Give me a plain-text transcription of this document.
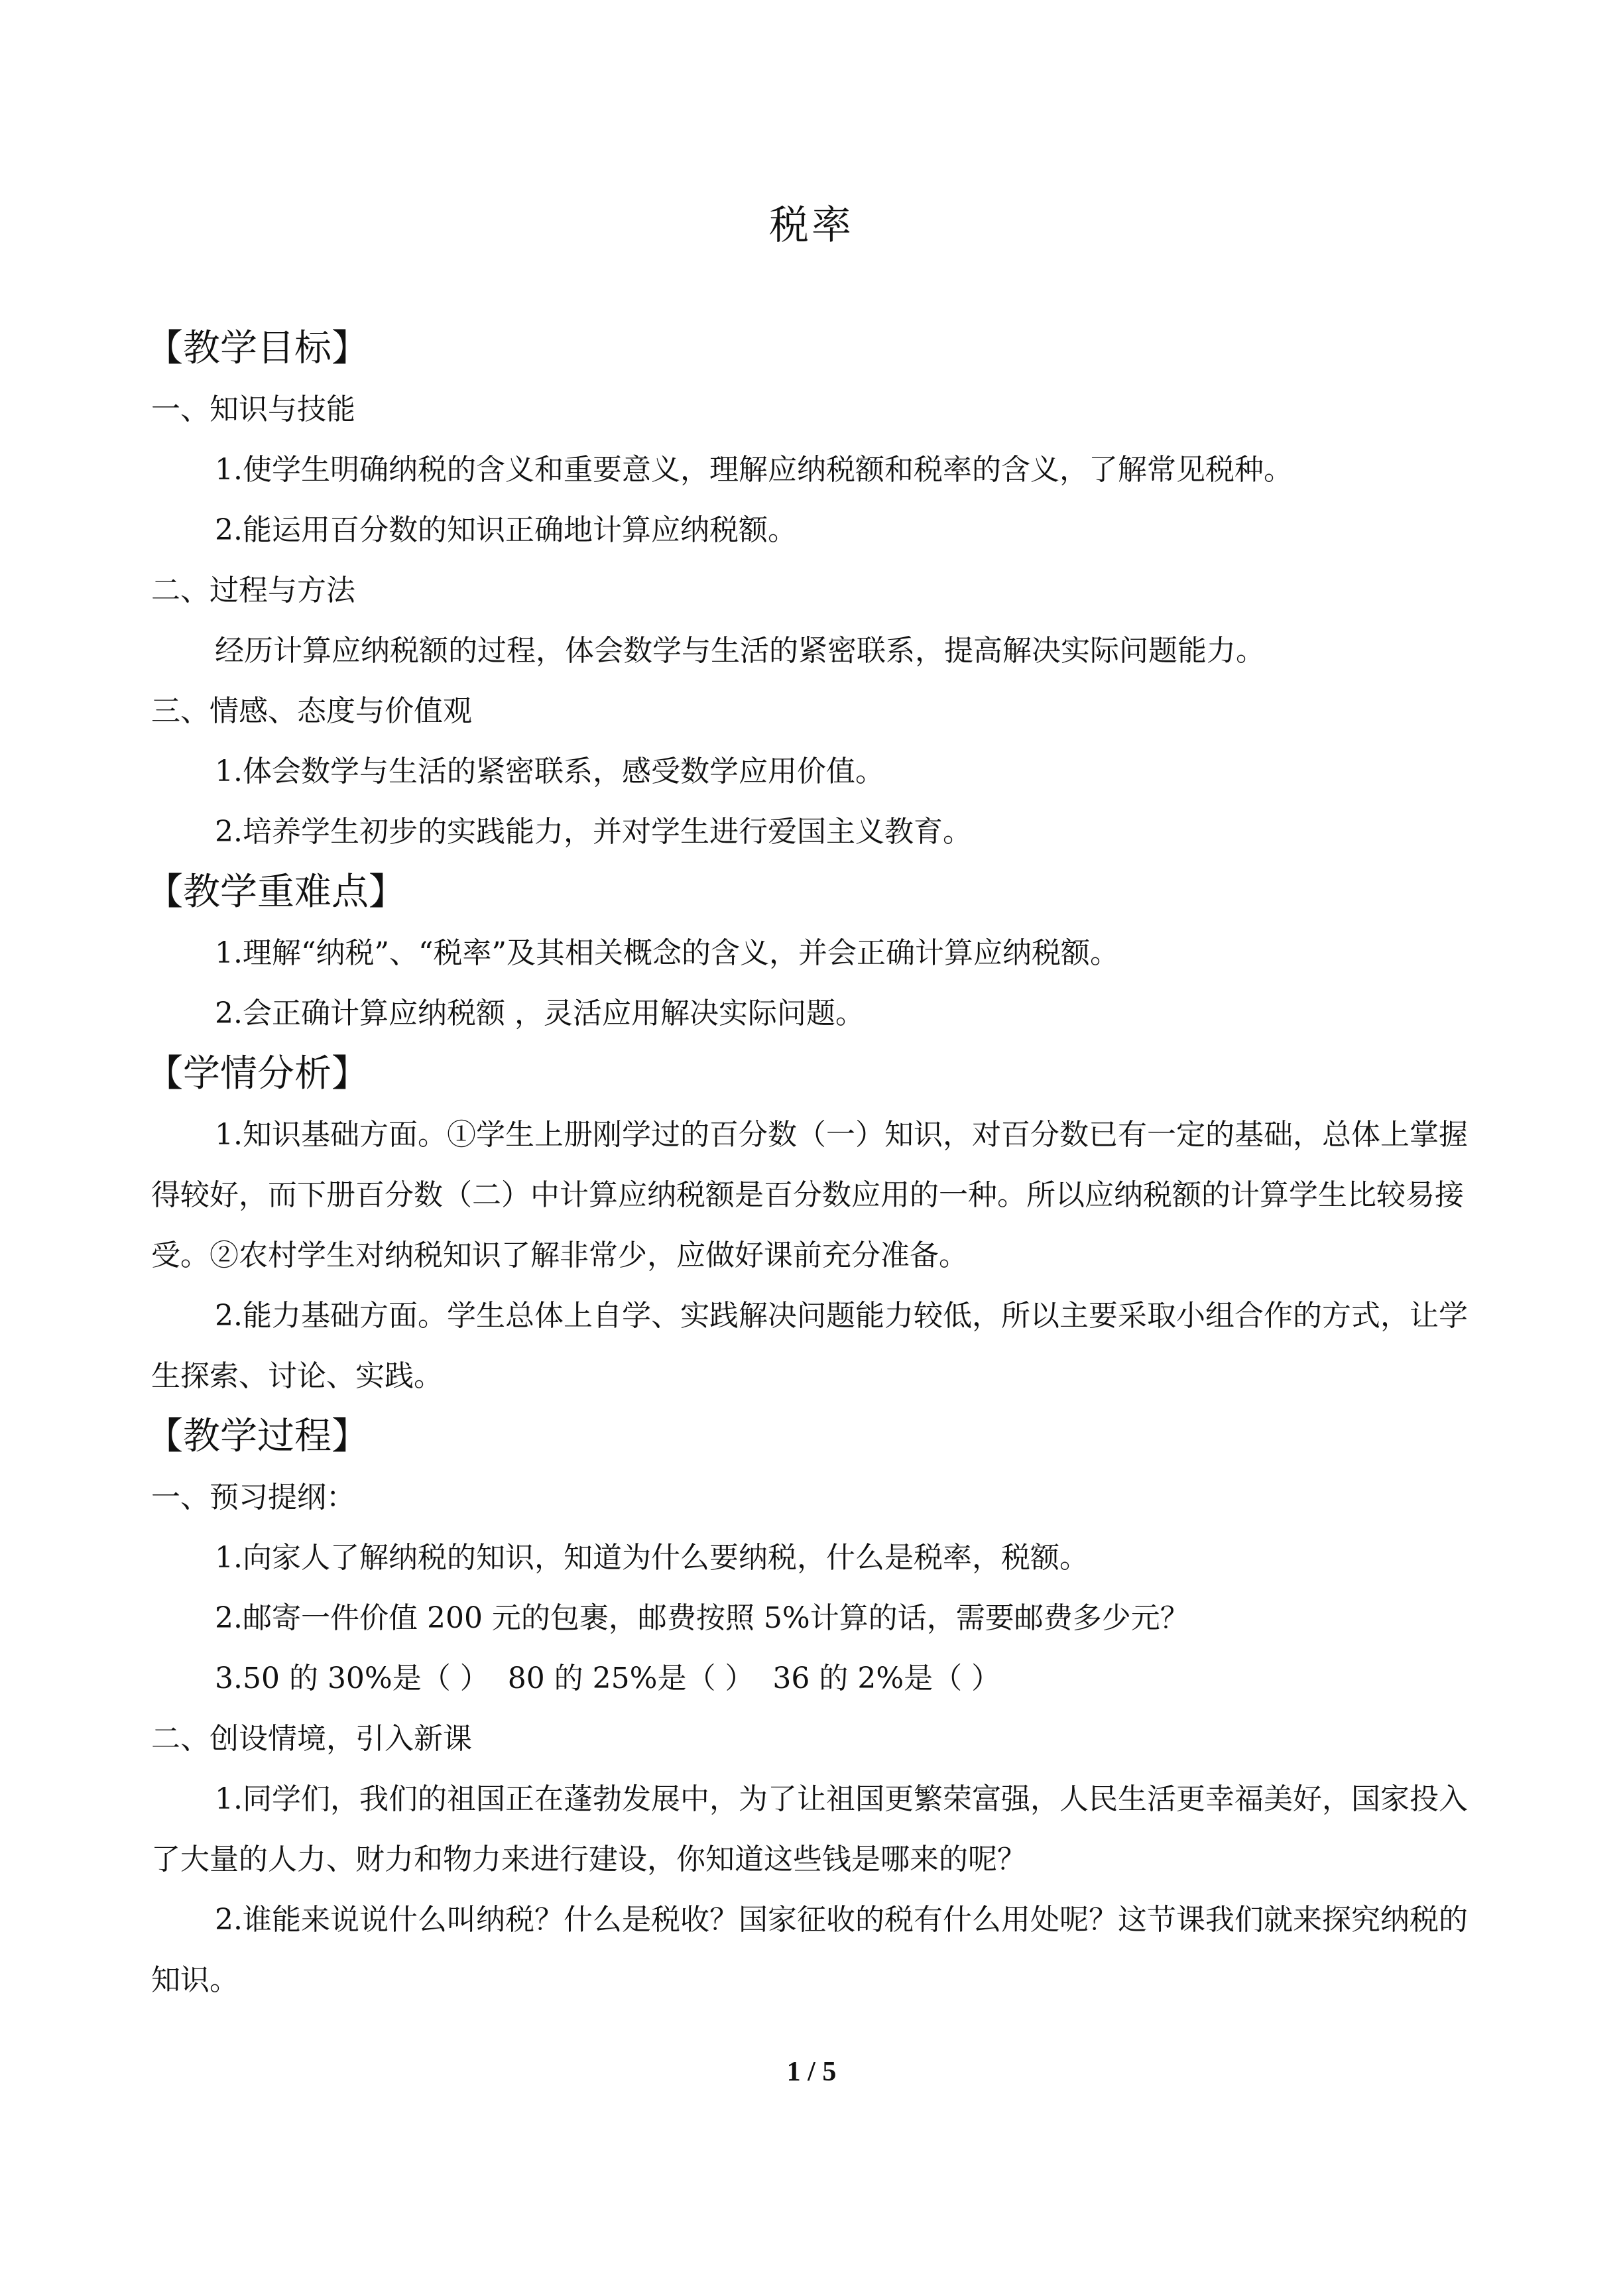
税率
【教学目标】
一、知识与技能
1.使学生明确纳税的含义和重要意义，理解应纳税额和税率的含义，了解常见税种。
2.能运用百分数的知识正确地计算应纳税额。
二、过程与方法
经历计算应纳税额的过程，体会数学与生活的紧密联系，提高解决实际问题能力。
三、情感、态度与价值观
1.体会数学与生活的紧密联系，感受数学应用价值。
2.培养学生初步的实践能力，并对学生进行爱国主义教育。
【教学重难点】
1.理解“纳税”、“税率”及其相关概念的含义，并会正确计算应纳税额。
2.会正确计算应纳税额 ，灵活应用解决实际问题。
【学情分析】
1.知识基础方面。①学生上册刚学过的百分数（一）知识，对百分数已有一定的基础，总体上掌握得较好，而下册百分数（二）中计算应纳税额是百分数应用的一种。所以应纳税额的计算学生比较易接受。②农村学生对纳税知识了解非常少，应做好课前充分准备。
2.能力基础方面。学生总体上自学、实践解决问题能力较低，所以主要采取小组合作的方式，让学生探索、讨论、实践。
【教学过程】
一、预习提纲：
1.向家人了解纳税的知识，知道为什么要纳税，什么是税率，税额。
2.邮寄一件价值 200 元的包裹，邮费按照 5%计算的话，需要邮费多少元？
3.50 的 30%是（ ）  80 的 25%是（ ）  36 的 2%是（ ）
二、创设情境，引入新课
1.同学们，我们的祖国正在蓬勃发展中，为了让祖国更繁荣富强，人民生活更幸福美好，国家投入了大量的人力、财力和物力来进行建设，你知道这些钱是哪来的呢？
2.谁能来说说什么叫纳税？什么是税收？国家征收的税有什么用处呢？这节课我们就来探究纳税的知识。
1 / 5
